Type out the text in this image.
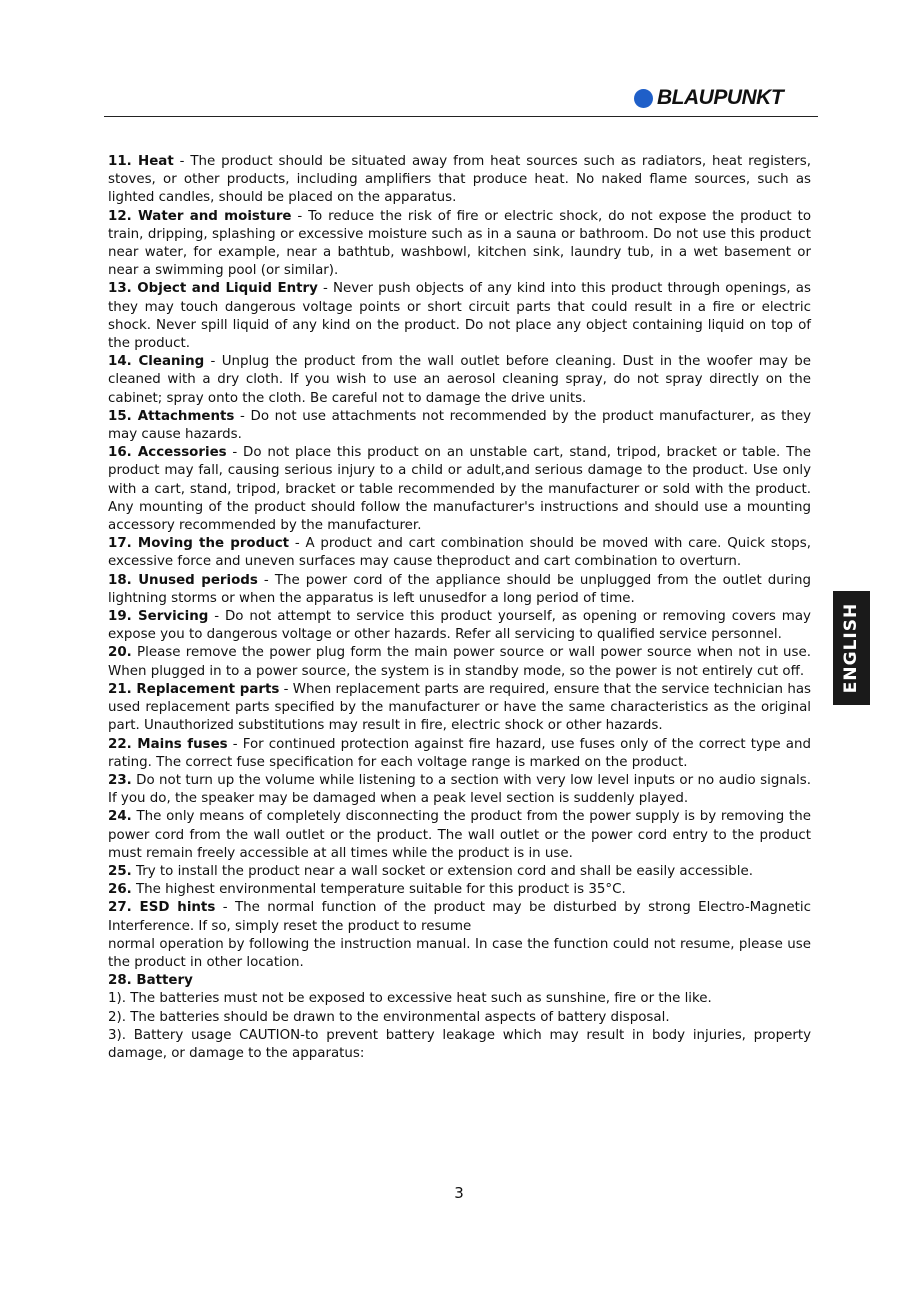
BLAUPUNKT

11. Heat - The product should be situated away from heat sources such as radiators, heat registers, stoves, or other products, including amplifiers that produce heat. No naked flame sources, such as lighted candles, should be placed on the apparatus.

12. Water and moisture - To reduce the risk of fire or electric shock, do not expose the product to train, dripping, splashing or excessive moisture such as in a sauna or bathroom. Do not use this product near water, for example, near a bathtub, washbowl, kitchen sink, laundry tub, in a wet basement or near a swimming pool (or similar).

13. Object and Liquid Entry - Never push objects of any kind into this product through openings, as they may touch dangerous voltage points or short circuit parts that could result in a fire or electric shock. Never spill liquid of any kind on the product. Do not place any object containing liquid on top of the product.

14. Cleaning - Unplug the product from the wall outlet before cleaning. Dust in the woofer may be cleaned with a dry cloth. If you wish to use an aerosol cleaning spray, do not spray directly on the cabinet; spray onto the cloth. Be careful not to damage the drive units.

15. Attachments - Do not use attachments not recommended by the product manufacturer, as they may cause hazards.

16. Accessories - Do not place this product on an unstable cart, stand, tripod, bracket or table. The product may fall, causing serious injury to a child or adult,and serious damage to the product. Use only with a cart, stand, tripod, bracket or table recommended by the manufacturer or sold with the product. Any mounting of the product should follow the manufacturer's instructions and should use a mounting accessory recommended by the manufacturer.

17. Moving the product - A product and cart combination should be moved with care. Quick stops, excessive force and uneven surfaces may cause theproduct and cart combination to overturn.

18. Unused periods - The power cord of the appliance should be unplugged from the outlet during lightning storms or when the apparatus is left unusedfor a long period of time.

19. Servicing - Do not attempt to service this product yourself, as opening or removing covers may expose you to dangerous voltage or other hazards. Refer all servicing to qualified service personnel.

20. Please remove the power plug form the main power source or wall power source when not in use. When plugged in to a power source, the system is in standby mode, so the power is not entirely cut off.

21. Replacement parts - When replacement parts are required, ensure that the service technician has used replacement parts specified by the manufacturer or have the same characteristics as the original part. Unauthorized substitutions may result in fire, electric shock or other hazards.

22. Mains fuses - For continued protection against fire hazard, use fuses only of the correct type and rating. The correct fuse specification for each voltage range is marked on the product.

23. Do not turn up the volume while listening to a section with very low level inputs or no audio signals. If you do, the speaker may be damaged when a peak level section is suddenly played.

24. The only means of completely disconnecting the product from the power supply is by removing the power cord from the wall outlet or the product. The wall outlet or the power cord entry to the product must remain freely accessible at all times while the product is in use.

25. Try to install the product near a wall socket or extension cord and shall be easily accessible.

26. The highest environmental temperature suitable for this product is 35°C.

27. ESD hints - The normal function of the product may be disturbed by strong Electro-Magnetic Interference. If so, simply reset the product to resume

normal operation by following the instruction manual. In case the function could not resume, please use the product in other location.

28. Battery

1). The batteries must not be exposed to excessive heat such as sunshine, fire or the like.

2). The batteries should be drawn to the environmental aspects of battery disposal.

3). Battery usage CAUTION-to prevent battery leakage which may result in body injuries, property damage, or damage to the apparatus:

ENGLISH
3
